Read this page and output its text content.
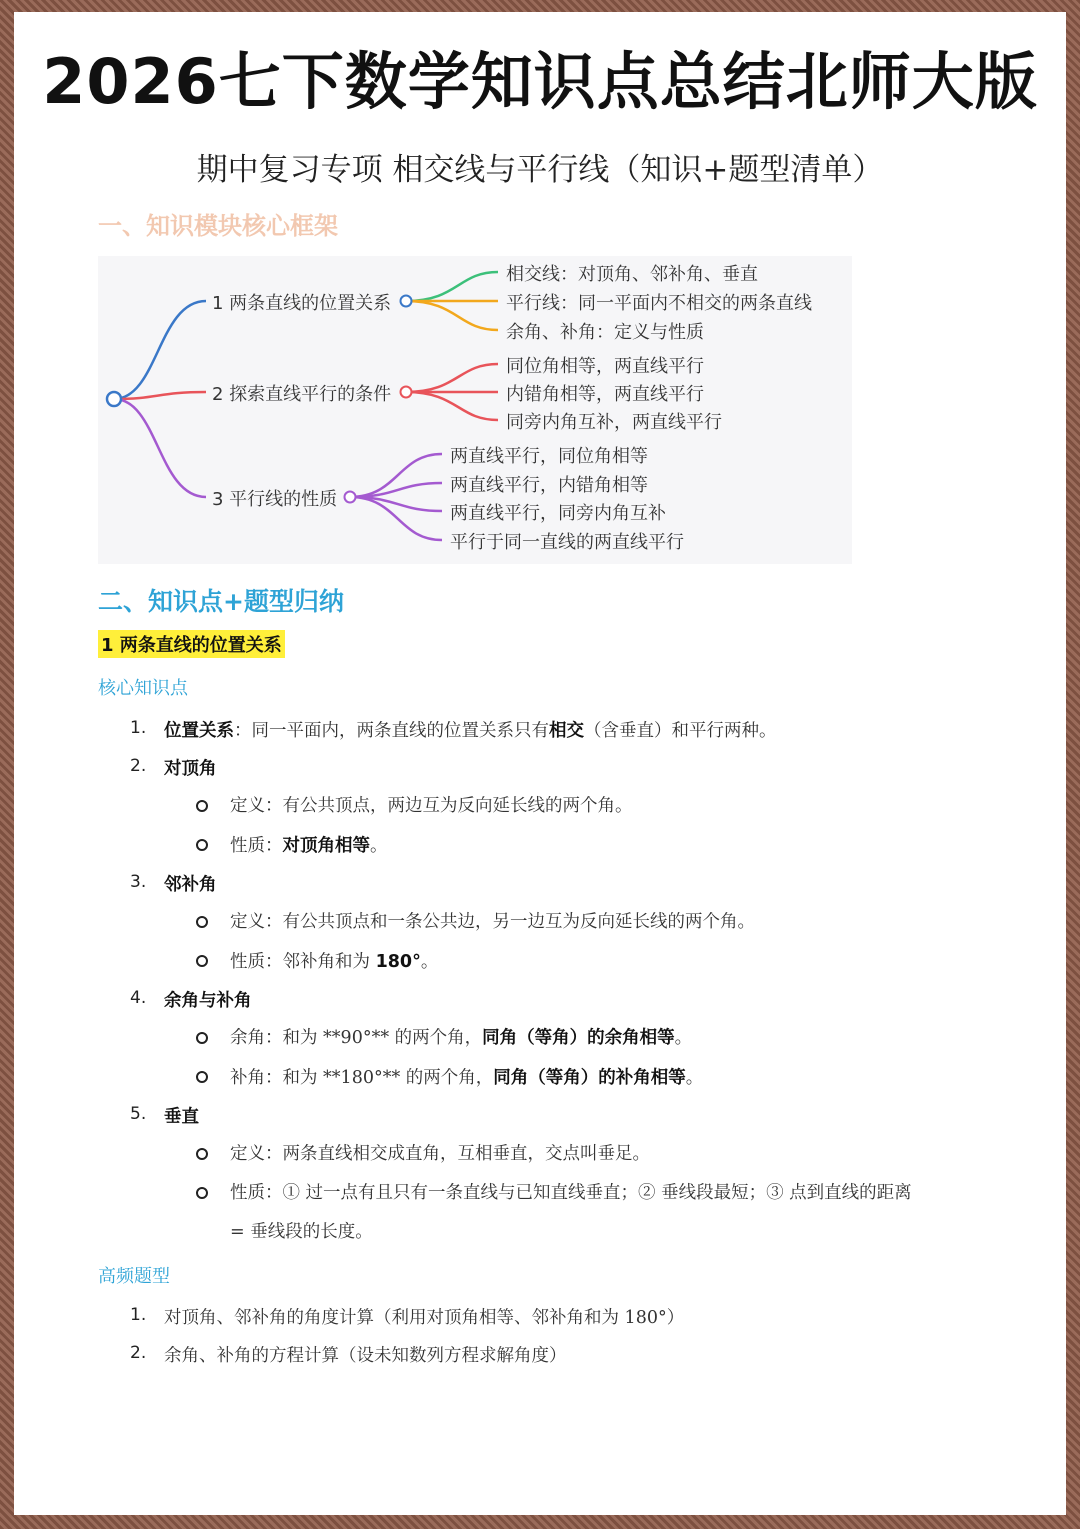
2026七下数学知识点总结北师大版
期中复习专项 相交线与平行线（知识+题型清单）
一、知识模块核心框架
1 两条直线的位置关系
2 探索直线平行的条件
3 平行线的性质
相交线：对顶角、邻补角、垂直
平行线：同一平面内不相交的两条直线
余角、补角：定义与性质
同位角相等，两直线平行
内错角相等，两直线平行
同旁内角互补，两直线平行
两直线平行，同位角相等
两直线平行，内错角相等
两直线平行，同旁内角互补
平行于同一直线的两直线平行
二、知识点+题型归纳
1 两条直线的位置关系
核心知识点
1. 位置关系：同一平面内，两条直线的位置关系只有相交（含垂直）和平行两种。
2. 对顶角
定义：有公共顶点，两边互为反向延长线的两个角。
性质：对顶角相等。
3. 邻补角
定义：有公共顶点和一条公共边，另一边互为反向延长线的两个角。
性质：邻补角和为 180°。
4. 余角与补角
余角：和为 **90°** 的两个角，同角（等角）的余角相等。
补角：和为 **180°** 的两个角，同角（等角）的补角相等。
5. 垂直
定义：两条直线相交成直角，互相垂直，交点叫垂足。
性质：① 过一点有且只有一条直线与已知直线垂直；② 垂线段最短；③ 点到直线的距离
= 垂线段的长度。
高频题型
1. 对顶角、邻补角的角度计算（利用对顶角相等、邻补角和为 180°）
2. 余角、补角的方程计算（设未知数列方程求解角度）
